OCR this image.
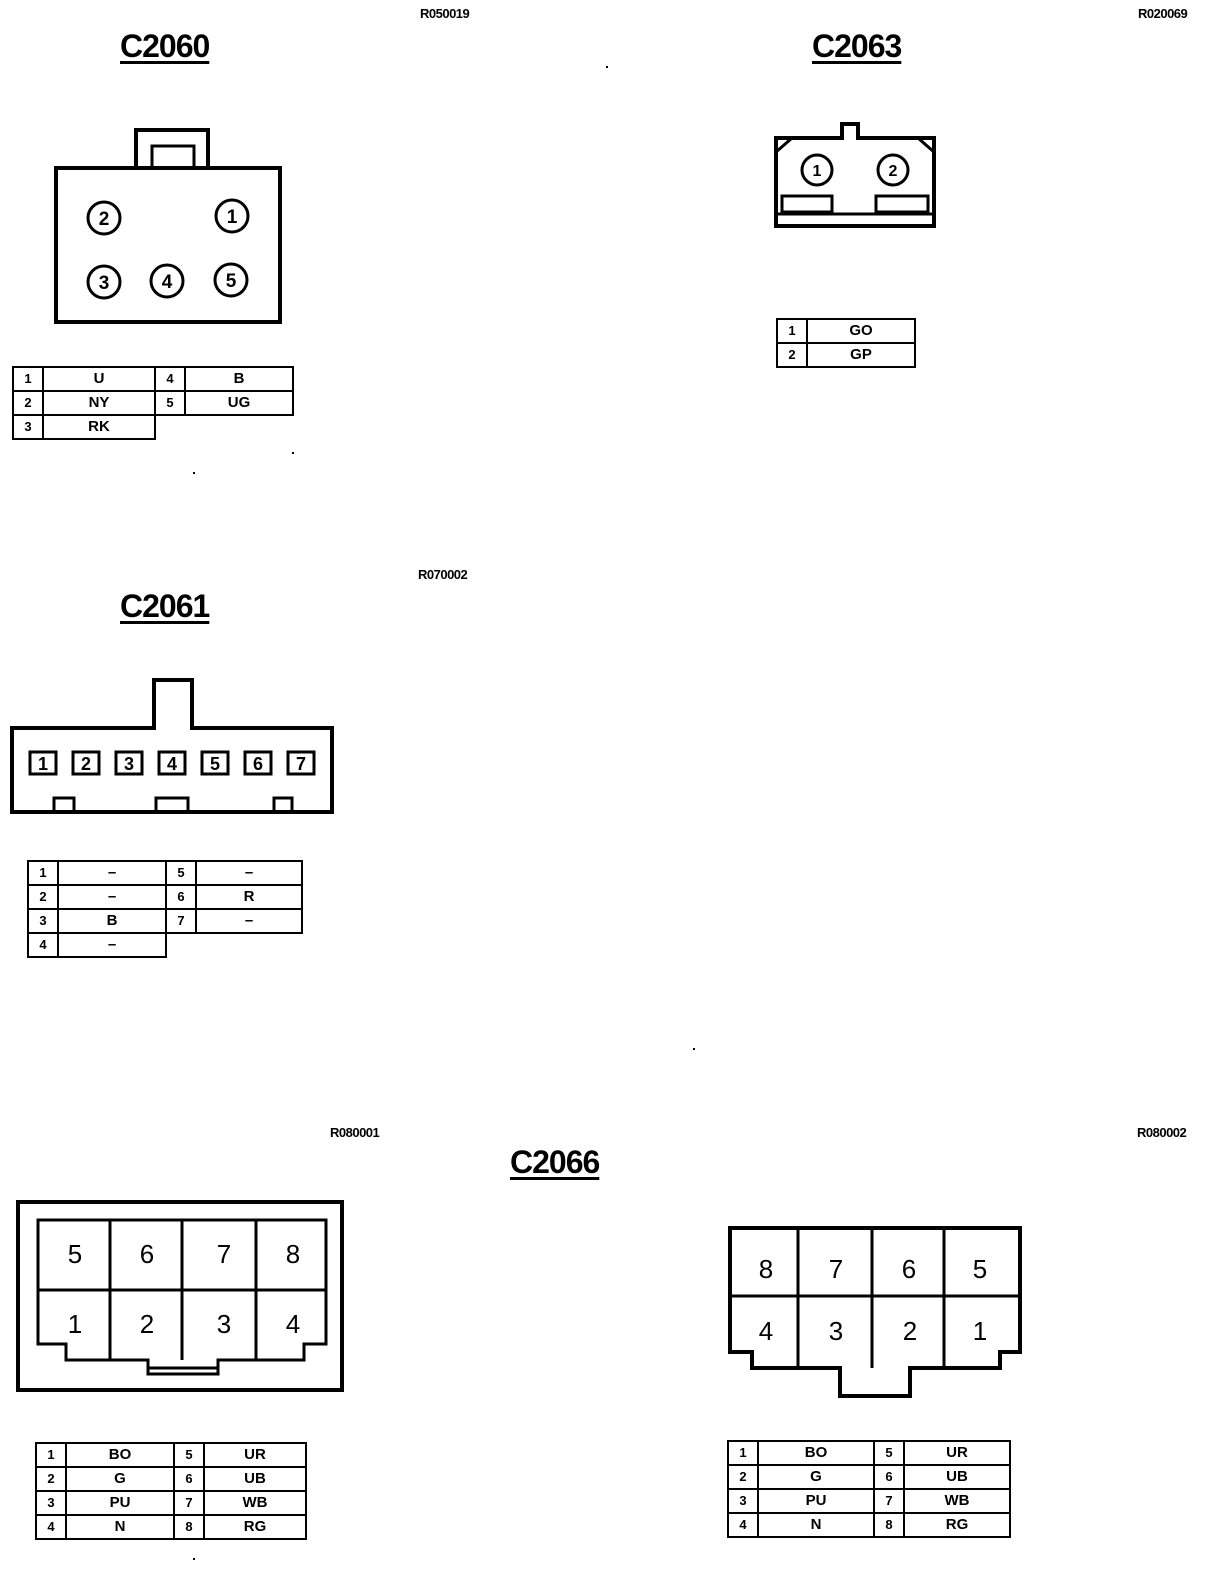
R050019	R020069
R070002
R080001	R080002
C2060	C2063
C2061
C2066
2	1
3	4	5
1	2
1 2 3 4 5 6 7
5 6 7 8
1 2 3 4
8 7 6 5
4 3 2 1
1	U	4	B
2	NY	5	UG
3	RK		
1	GO
2	GP
1	–	5	–
2	–	6	R
3	B	7	–
4	–		
1	BO	5	UR
2	G	6	UB
3	PU	7	WB
4	N	8	RG
1	BO	5	UR
2	G	6	UB
3	PU	7	WB
4	N	8	RG
